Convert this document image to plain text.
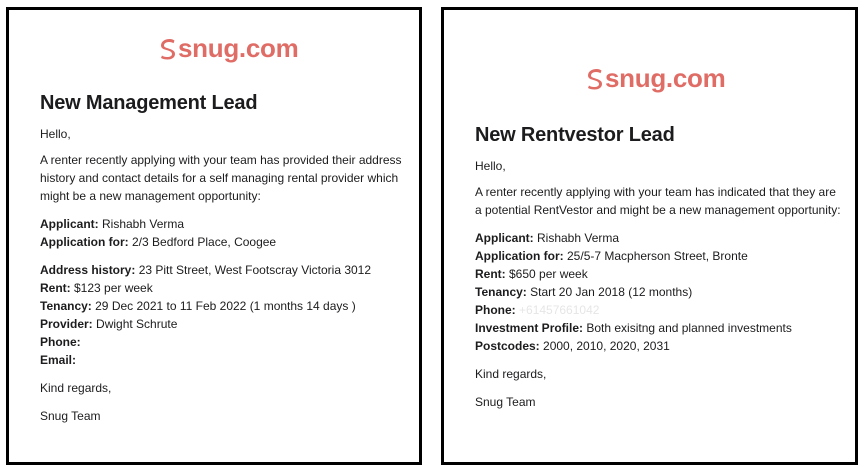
snug.com
New Management Lead
Hello,
A renter recently applying with your team has provided their address history and contact details for a self managing rental provider which might be a new management opportunity:
Applicant: Rishabh Verma
Application for: 2/3 Bedford Place, Coogee
Address history: 23 Pitt Street, West Footscray Victoria 3012
Rent: $123 per week
Tenancy: 29 Dec 2021 to 11 Feb 2022 (1 months 14 days )
Provider: Dwight Schrute
Phone:
Email:
Kind regards,
Snug Team
snug.com
New Rentvestor Lead
Hello,
A renter recently applying with your team has indicated that they are a potential RentVestor and might be a new management opportunity:
Applicant: Rishabh Verma
Application for: 25/5-7 Macpherson Street, Bronte
Rent: $650 per week
Tenancy: Start 20 Jan 2018 (12 months)
Phone: +61457661042
Investment Profile: Both exisitng and planned investments
Postcodes: 2000, 2010, 2020, 2031
Kind regards,
Snug Team
